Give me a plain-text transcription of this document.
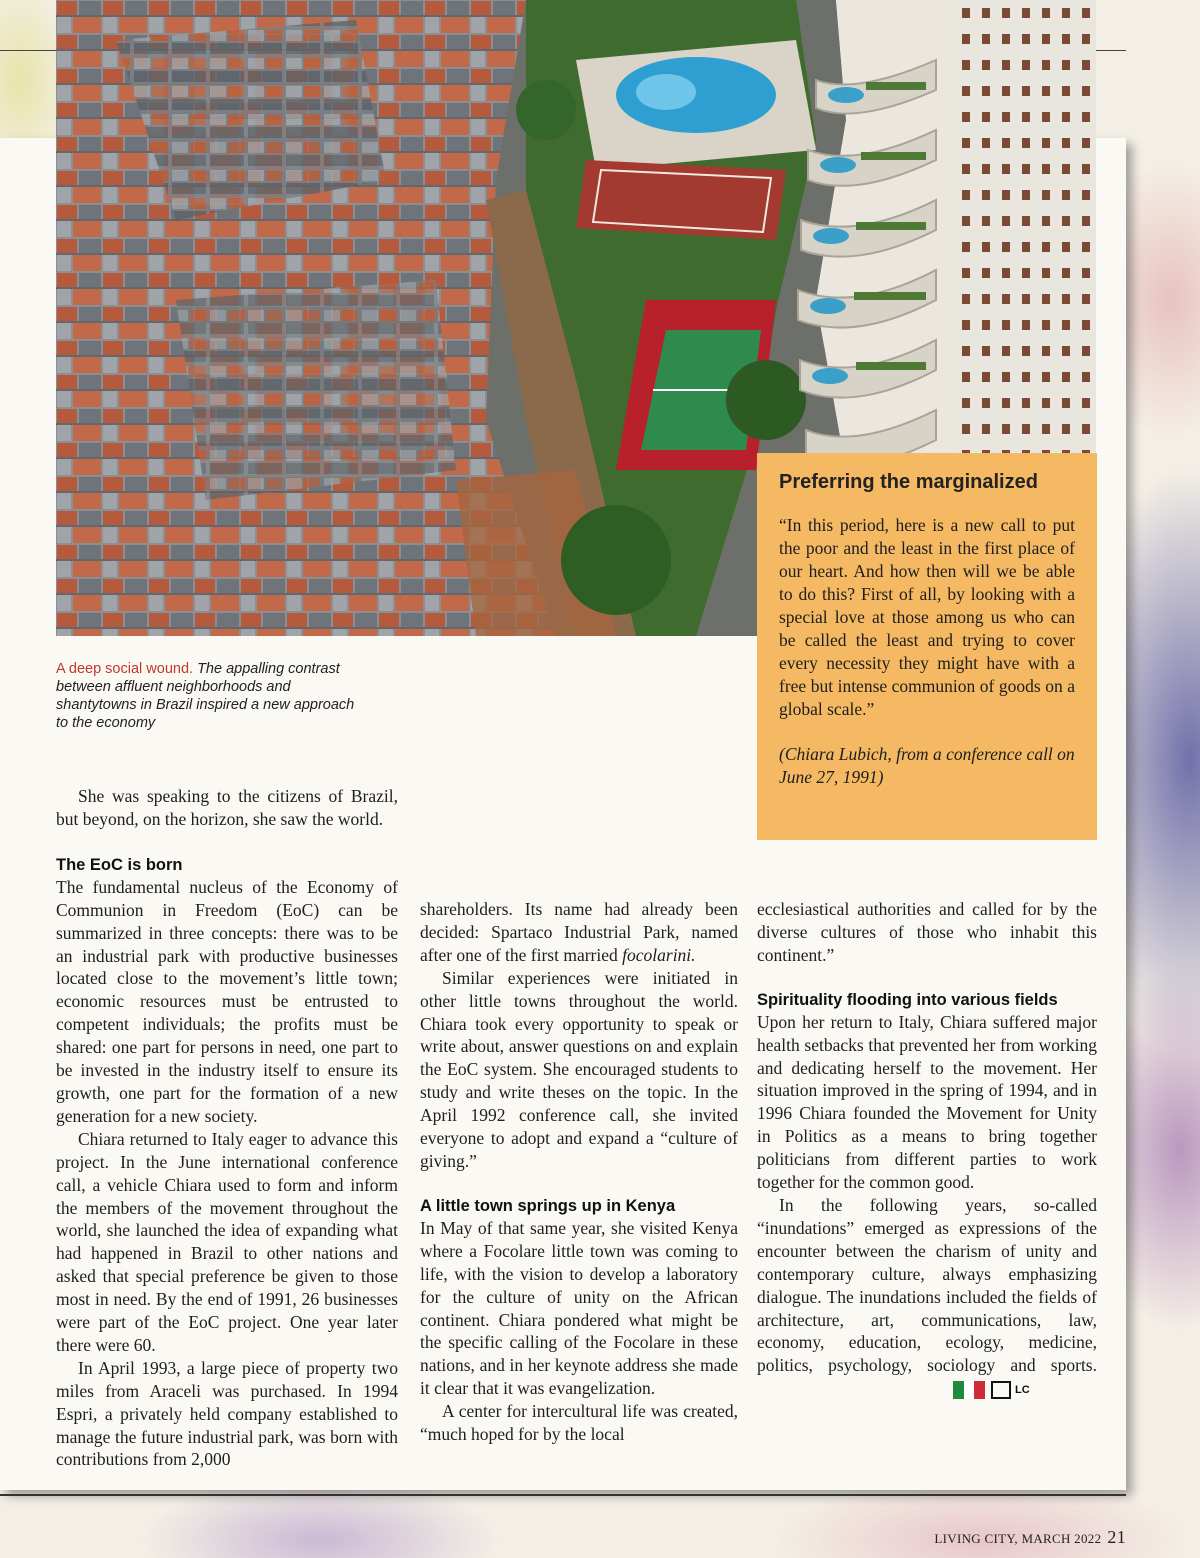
A deep social wound. The appalling contrast between affluent neighborhoods and shantytowns in Brazil inspired a new approach to the economy
Preferring the marginalized

“In this period, here is a new call to put the poor and the least in the first place of our heart. And how then will we be able to do this? First of all, by looking with a special love at those among us who can be called the least and trying to cover every necessity they might have with a free but intense communion of goods on a global scale.”

(Chiara Lubich, from a conference call on June 27, 1991)

She was speaking to the citizens of Brazil, but beyond, on the horizon, she saw the world.

The EoC is born

The fundamental nucleus of the Economy of Communion in Freedom (EoC) can be summarized in three concepts: there was to be an industrial park with productive businesses located close to the movement’s little town; economic resources must be entrusted to competent individuals; the profits must be shared: one part for persons in need, one part to be invested in the industry itself to ensure its growth, one part for the formation of a new generation for a new society.

Chiara returned to Italy eager to advance this project. In the June international conference call, a vehicle Chiara used to form and inform the members of the movement throughout the world, she launched the idea of expanding what had happened in Brazil to other nations and asked that special preference be given to those most in need. By the end of 1991, 26 businesses were part of the EoC project. One year later there were 60.

In April 1993, a large piece of property two miles from Araceli was purchased. In 1994 Espri, a privately held company established to manage the future industrial park, was born with contributions from 2,000

shareholders. Its name had already been decided: Spartaco Industrial Park, named after one of the first married focolarini.

Similar experiences were initiated in other little towns throughout the world. Chiara took every opportunity to speak or write about, answer questions on and explain the EoC system. She encouraged students to study and write theses on the topic. In the April 1992 conference call, she invited everyone to adopt and expand a “culture of giving.”

A little town springs up in Kenya

In May of that same year, she visited Kenya where a Focolare little town was coming to life, with the vision to develop a laboratory for the culture of unity on the African continent. Chiara pondered what might be the specific calling of the Focolare in these nations, and in her keynote address she made it clear that it was evangelization.

A center for intercultural life was created, “much hoped for by the local

ecclesiastical authorities and called for by the diverse cultures of those who inhabit this continent.”

Spirituality flooding into various fields

Upon her return to Italy, Chiara suffered major health setbacks that prevented her from working and dedicating herself to the movement. Her situation improved in the spring of 1994, and in 1996 Chiara founded the Movement for Unity in Politics as a means to bring together politicians from different parties to work together for the common good.

In the following years, so-called “inundations” emerged as expressions of the encounter between the charism of unity and contemporary culture, always emphasizing dialogue. The inundations included the fields of architecture, art, communications, law, economy, education, ecology, medicine, politics, psychology, sociology and sports.
LC

LIVING CITY, MARCH 2022 21
